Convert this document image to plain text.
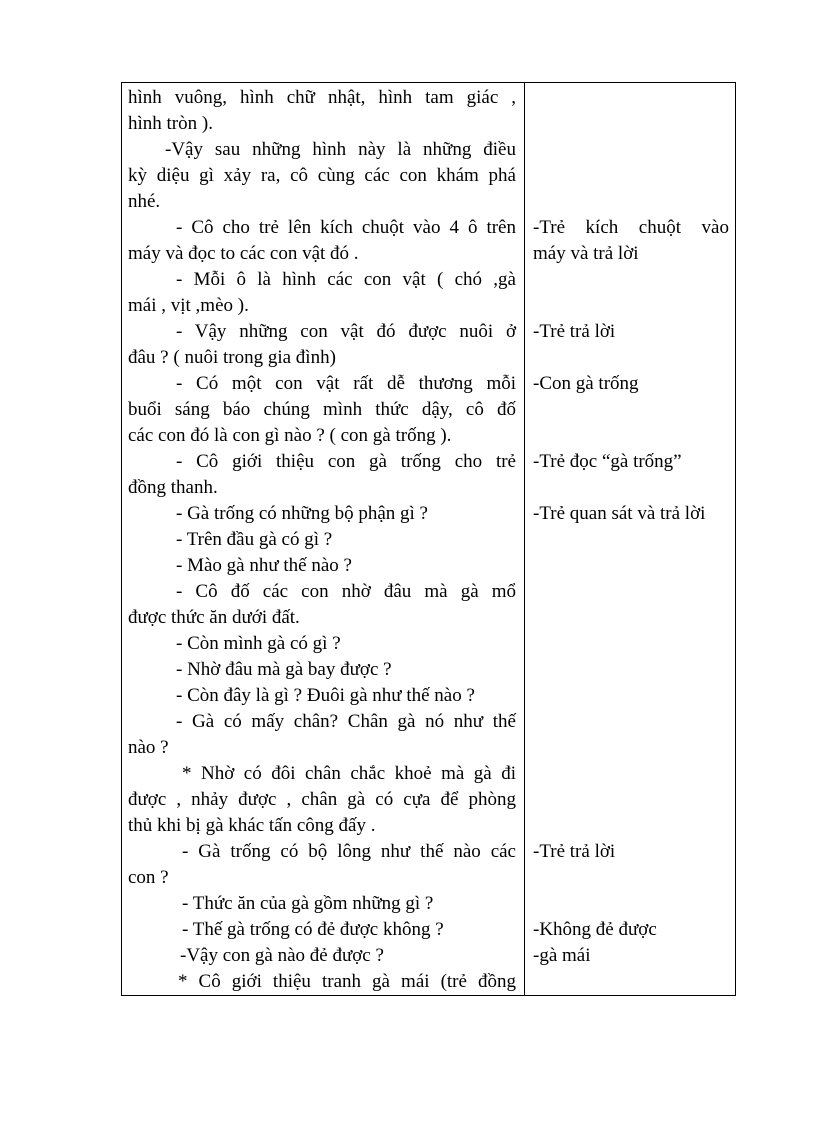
hình vuông, hình chữ nhật, hình tam giác ,
hình tròn ).
-Vậy sau những hình này là những điều
kỳ diệu gì xảy ra, cô cùng các con khám phá
nhé.
- Cô cho trẻ lên kích chuột vào 4 ô trên
máy và đọc to các con vật đó .
- Mỗi ô là hình các con vật ( chó ,gà
mái , vịt ,mèo ).
- Vậy những con vật đó được nuôi ở
đâu ? ( nuôi trong gia đình)
- Có một con vật rất dễ thương mỗi
buổi sáng báo chúng mình thức dậy, cô đố
các con đó là con gì nào ? ( con gà trống ).
- Cô giới thiệu con gà trống cho trẻ
đồng thanh.
- Gà trống có những bộ phận gì ?
- Trên đầu gà có gì ?
- Mào gà như thế nào ?
- Cô đố các con nhờ đâu mà gà mổ
được thức ăn dưới đất.
- Còn mình gà có gì ?
- Nhờ đâu mà gà bay được ?
- Còn đây là gì ? Đuôi gà như thế nào ?
- Gà có mấy chân? Chân gà nó như thế
nào ?
* Nhờ có đôi chân chắc khoẻ mà gà đi
được , nhảy được , chân gà có cựa để phòng
thủ khi bị gà khác tấn công đấy .
- Gà trống có bộ lông như thế nào các
con ?
- Thức ăn của gà gồm những gì ?
- Thế gà trống có đẻ được không ?
-Vậy con gà nào đẻ được ?
* Cô giới thiệu tranh gà mái (trẻ đồng
-Trẻ kích chuột vào
máy và trả lời
-Trẻ trả lời
-Con gà trống
-Trẻ đọc “gà trống”
-Trẻ quan sát và trả lời
-Trẻ trả lời
-Không đẻ được
-gà mái
